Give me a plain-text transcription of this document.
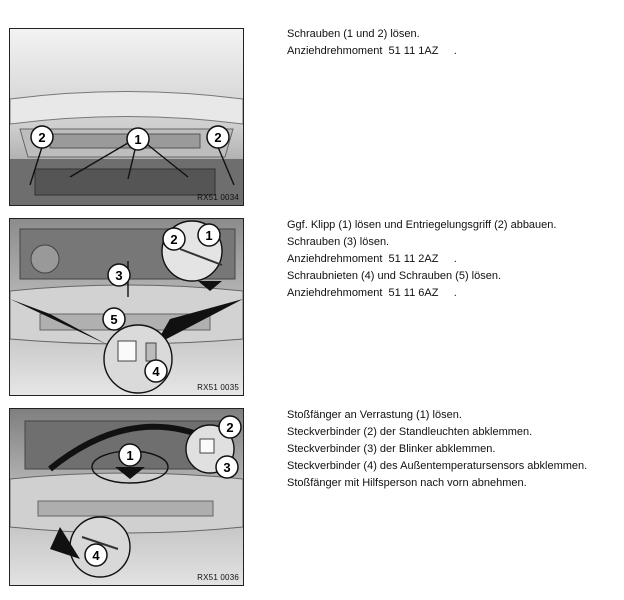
2	1	2
RX51 0034
Schrauben (1 und 2) lösen.
Anziehdrehmoment  51 11 1AZ     .
2 1
3
5
4
RX51 0035
Ggf. Klipp (1) lösen und Entriegelungsgriff (2) abbauen.
Schrauben (3) lösen.
Anziehdrehmoment  51 11 2AZ     .
Schraubnieten (4) und Schrauben (5) lösen.
Anziehdrehmoment  51 11 6AZ     .
2
1
3
4
RX51 0036
Stoßfänger an Verrastung (1) lösen.
Steckverbinder (2) der Standleuchten abklemmen.
Steckverbinder (3) der Blinker abklemmen.
Steckverbinder (4) des Außentemperatursensors abklemmen.
Stoßfänger mit Hilfsperson nach vorn abnehmen.
